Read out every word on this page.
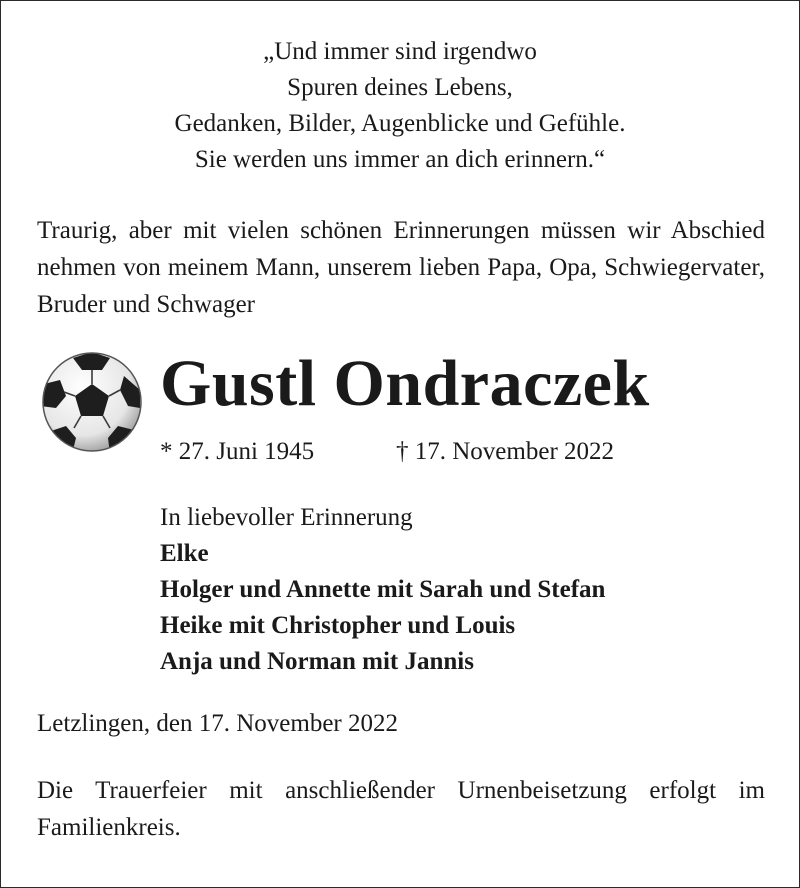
„Und immer sind irgendwo
Spuren deines Lebens,
Gedanken, Bilder, Augenblicke und Gefühle.
Sie werden uns immer an dich erinnern.“
Traurig, aber mit vielen schönen Erinnerungen müssen wir Abschied nehmen von meinem Mann, unserem lieben Papa, Opa, Schwiegervater, Bruder und Schwager
Gustl Ondraczek
* 27. Juni 1945	† 17. November 2022
In liebevoller Erinnerung
Elke
Holger und Annette mit Sarah und Stefan
Heike mit Christopher und Louis
Anja und Norman mit Jannis
Letzlingen, den 17. November 2022
Die Trauerfeier mit anschließender Urnenbeisetzung erfolgt im Familienkreis.
